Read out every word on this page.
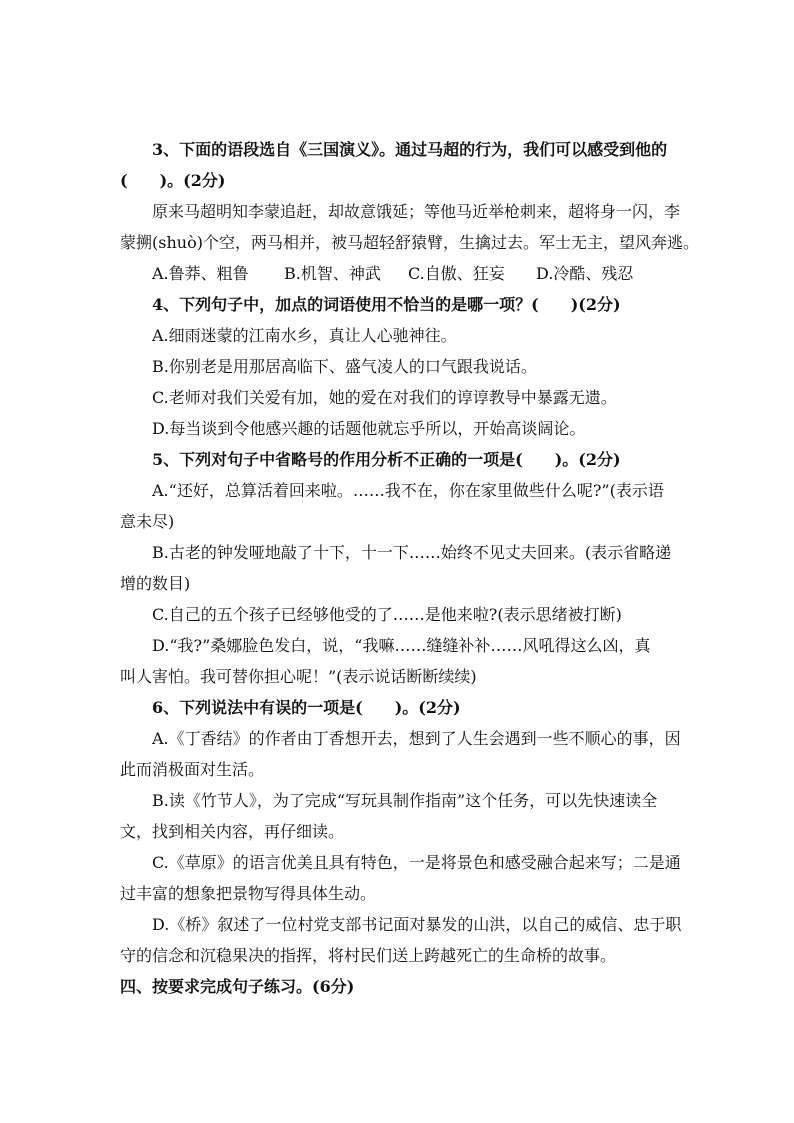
3、下面的语段选自《三国演义》。通过马超的行为，我们可以感受到他的
(　　)。(2分)
原来马超明知李蒙追赶，却故意饿延；等他马近举枪刺来，超将身一闪，李
蒙搠(shuò)个空，两马相并，被马超轻舒猿臂，生擒过去。军士无主，望风奔逃。
A.鲁莽、粗鲁 B.机智、神武 C.自傲、狂妄 D.冷酷、残忍
4、下列句子中，加点的词语使用不恰当的是哪一项？(　　)(2分)
A.细雨迷蒙的江南水乡，真让人心驰神往。
B.你别老是用那居高临下、盛气凌人的口气跟我说话。
C.老师对我们关爱有加，她的爱在对我们的谆谆教导中暴露无遗。
D.每当谈到令他感兴趣的话题他就忘乎所以，开始高谈阔论。
5、下列对句子中省略号的作用分析不正确的一项是(　　)。(2分)
A.“还好，总算活着回来啦。……我不在，你在家里做些什么呢?”(表示语
意未尽)
B.古老的钟发哑地敲了十下，十一下……始终不见丈夫回来。(表示省略递
增的数目)
C.自己的五个孩子已经够他受的了……是他来啦?(表示思绪被打断)
D.“我?”桑娜脸色发白，说，“我嘛……缝缝补补……风吼得这么凶，真
叫人害怕。我可替你担心呢！”(表示说话断断续续)
6、下列说法中有误的一项是(　　)。(2分)
A.《丁香结》的作者由丁香想开去，想到了人生会遇到一些不顺心的事，因
此而消极面对生活。
B.读《竹节人》，为了完成“写玩具制作指南”这个任务，可以先快速读全
文，找到相关内容，再仔细读。
C.《草原》的语言优美且具有特色，一是将景色和感受融合起来写；二是通
过丰富的想象把景物写得具体生动。
D.《桥》叙述了一位村党支部书记面对暴发的山洪，以自己的威信、忠于职
守的信念和沉稳果决的指挥，将村民们送上跨越死亡的生命桥的故事。
四、按要求完成句子练习。(6分)
